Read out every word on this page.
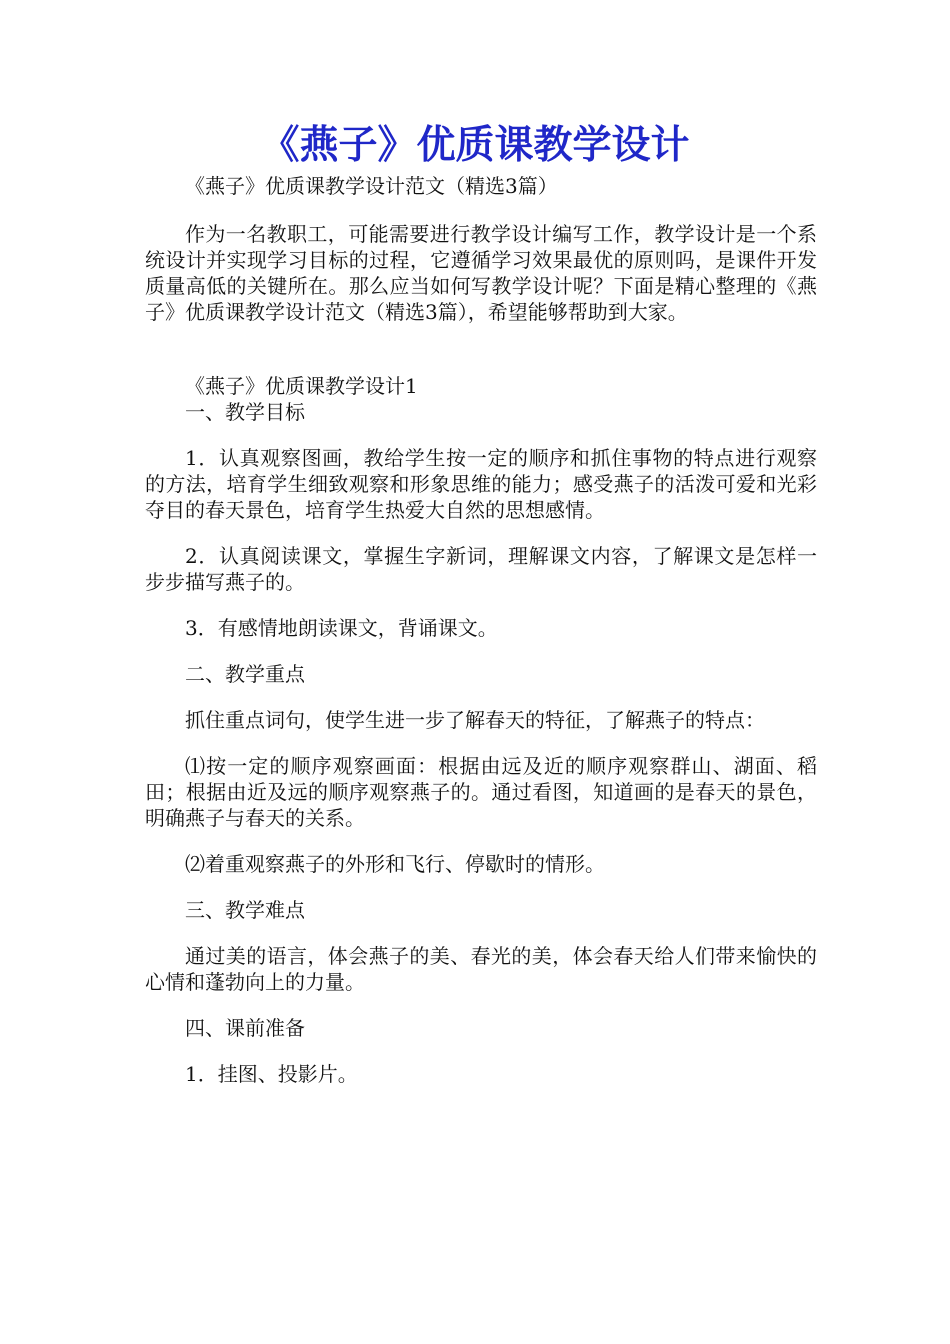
《燕子》优质课教学设计

《燕子》优质课教学设计范文（精选3篇）

作为一名教职工，可能需要进行教学设计编写工作，教学设计是一个系统设计并实现学习目标的过程，它遵循学习效果最优的原则吗，是课件开发质量高低的关键所在。那么应当如何写教学设计呢？下面是精心整理的《燕子》优质课教学设计范文（精选3篇），希望能够帮助到大家。

《燕子》优质课教学设计1

一、教学目标

1．认真观察图画，教给学生按一定的顺序和抓住事物的特点进行观察的方法，培育学生细致观察和形象思维的能力；感受燕子的活泼可爱和光彩夺目的春天景色，培育学生热爱大自然的思想感情。

2．认真阅读课文，掌握生字新词，理解课文内容，了解课文是怎样一步步描写燕子的。

3．有感情地朗读课文，背诵课文。

二、教学重点

抓住重点词句，使学生进一步了解春天的特征，了解燕子的特点：

⑴按一定的顺序观察画面：根据由远及近的顺序观察群山、湖面、稻田；根据由近及远的顺序观察燕子的。通过看图，知道画的是春天的景色，明确燕子与春天的关系。

⑵着重观察燕子的外形和飞行、停歇时的情形。

三、教学难点

通过美的语言，体会燕子的美、春光的美，体会春天给人们带来愉快的心情和蓬勃向上的力量。

四、课前准备

1．挂图、投影片。
